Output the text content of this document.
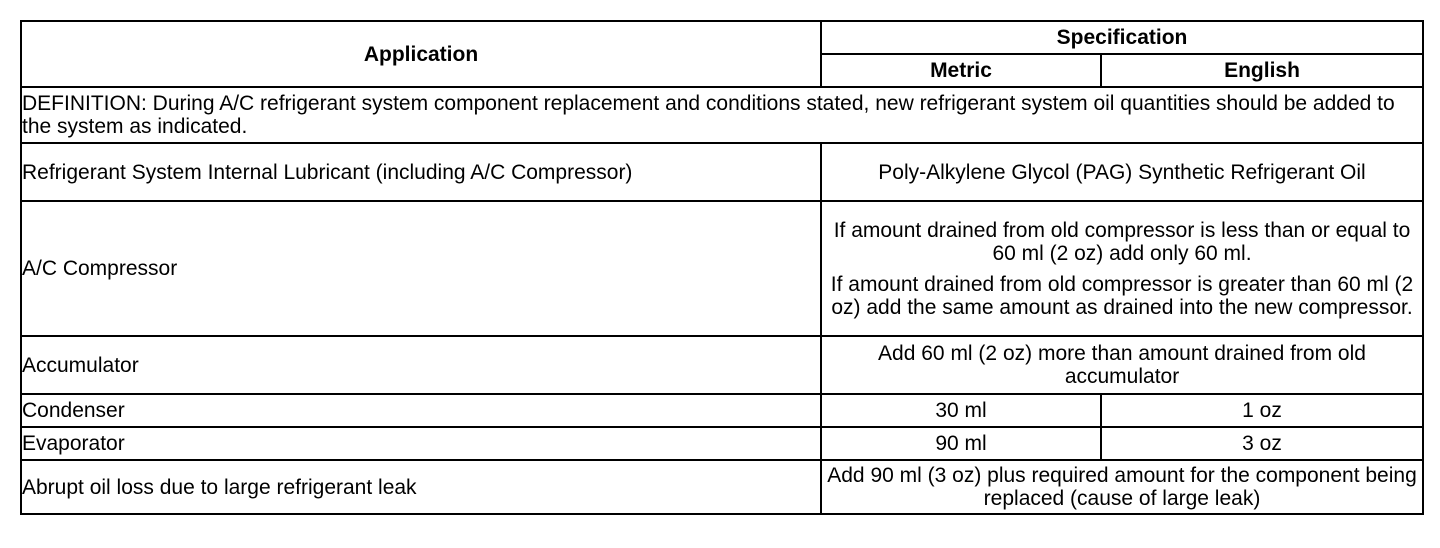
Application	Specification	
	Metric	English
DEFINITION: During A/C refrigerant system component replacement and conditions stated, new refrigerant system oil quantities should be added to the system as indicated.		
Refrigerant System Internal Lubricant (including A/C Compressor)	Poly-Alkylene Glycol (PAG) Synthetic Refrigerant Oil	
A/C Compressor	If amount drained from old compressor is less than or equal to 60 ml (2 oz) add only 60 ml.
If amount drained from old compressor is greater than 60 ml (2 oz) add the same amount as drained into the new compressor.	

Accumulator	Add 60 ml (2 oz) more than amount drained from old accumulator	
Condenser	30 ml	1 oz
Evaporator	90 ml	3 oz
Abrupt oil loss due to large refrigerant leak	Add 90 ml (3 oz) plus required amount for the component being replaced (cause of large leak)	
